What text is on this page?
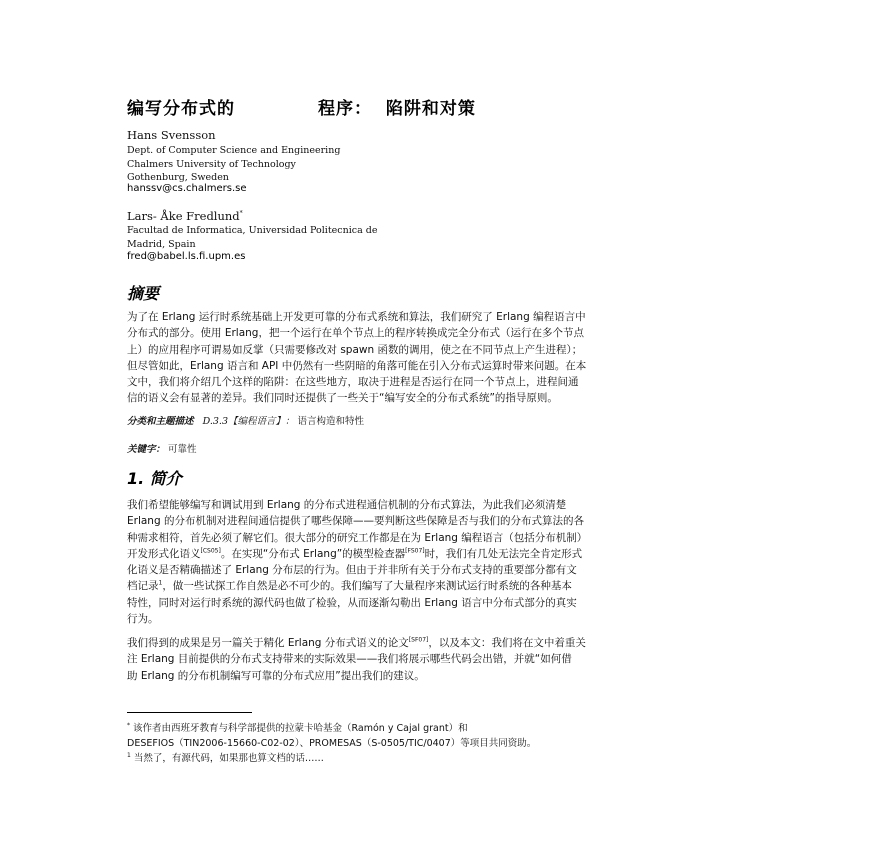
编写分布式的            程序：  陷阱和对策
Hans Svensson
Dept. of Computer Science and Engineering
Chalmers University of Technology
Gothenburg, Sweden
hanssv@cs.chalmers.se
Lars- Åke Fredlund*
Facultad de Informatica, Universidad Politecnica de
Madrid, Spain
fred@babel.ls.fi.upm.es
摘要
为了在 Erlang 运行时系统基础上开发更可靠的分布式系统和算法，我们研究了 Erlang 编程语言中
分布式的部分。使用 Erlang，把一个运行在单个节点上的程序转换成完全分布式（运行在多个节点
上）的应用程序可谓易如反掌（只需要修改对 spawn 函数的调用，使之在不同节点上产生进程）；
但尽管如此，Erlang 语言和 API 中仍然有一些阴暗的角落可能在引入分布式运算时带来问题。在本
文中，我们将介绍几个这样的陷阱：在这些地方，取决于进程是否运行在同一个节点上，进程间通
信的语义会有显著的差异。我们同时还提供了一些关于“编写安全的分布式系统”的指导原则。
分类和主题描述 D.3.3【编程语言】： 语言构造和特性
关键字： 可靠性
1. 简介
我们希望能够编写和调试用到 Erlang 的分布式进程通信机制的分布式算法，为此我们必须清楚
Erlang 的分布机制对进程间通信提供了哪些保障——要判断这些保障是否与我们的分布式算法的各
种需求相符，首先必须了解它们。很大部分的研究工作都是在为 Erlang 编程语言（包括分布机制）
开发形式化语义[CS05]。在实现“分布式 Erlang”的模型检查器[FS07]时，我们有几处无法完全肯定形式
化语义是否精确描述了 Erlang 分布层的行为。但由于并非所有关于分布式支持的重要部分都有文
档记录$^1$，做一些试探工作自然是必不可少的。我们编写了大量程序来测试运行时系统的各种基本
特性，同时对运行时系统的源代码也做了检验，从而逐渐勾勒出 Erlang 语言中分布式部分的真实
行为。
我们得到的成果是另一篇关于精化 Erlang 分布式语义的论文[SF07]，以及本文：我们将在文中着重关
注 Erlang 目前提供的分布式支持带来的实际效果——我们将展示哪些代码会出错，并就“如何借
助 Erlang 的分布机制编写可靠的分布式应用”提出我们的建议。
* 该作者由西班牙教育与科学部提供的拉蒙卡哈基金（Ramón y Cajal grant）和
DESEFIOS（TIN2006-15660-C02-02）、PROMESAS（S-0505/TIC/0407）等项目共同资助。
$^1$ 当然了，有源代码，如果那也算文档的话……
